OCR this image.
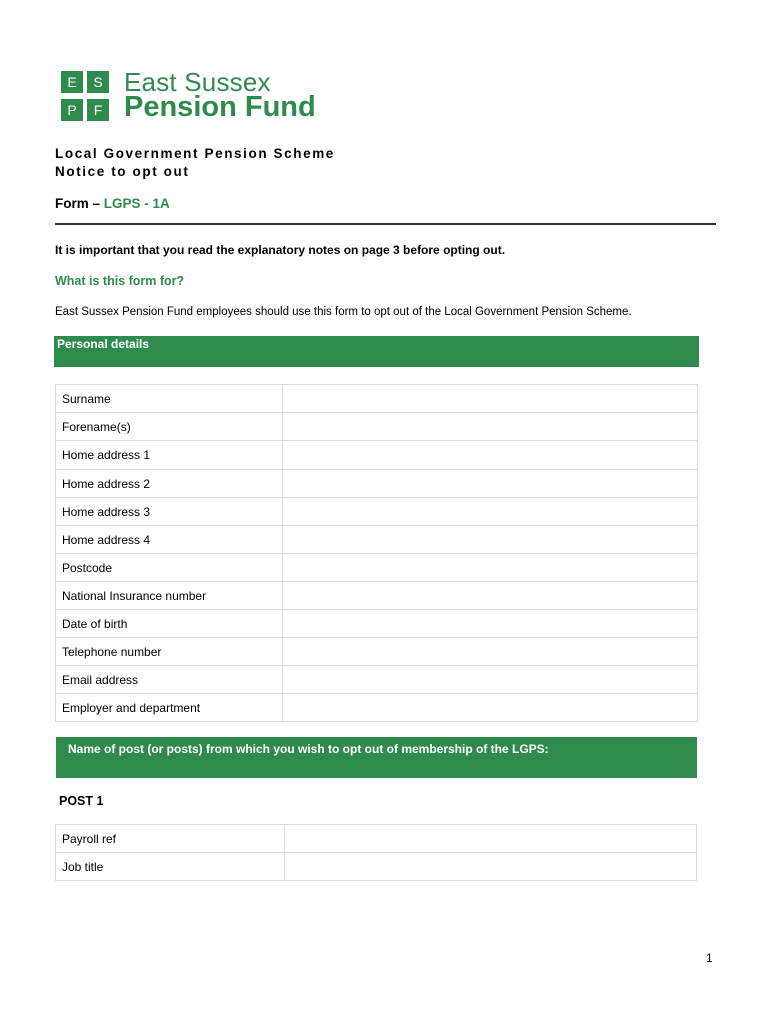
E	S
P	F
East Sussex
Pension Fund
Local Government Pension Scheme
Notice to opt out
Form – LGPS - 1A
It is important that you read the explanatory notes on page 3 before opting out.
What is this form for?
East Sussex Pension Fund employees should use this form to opt out of the Local Government Pension Scheme.
Personal details
Surname	
Forename(s)	
Home address 1	
Home address 2	
Home address 3	
Home address 4	
Postcode	
National Insurance number	
Date of birth	
Telephone number	
Email address	
Employer and department	
Name of post (or posts) from which you wish to opt out of membership of the LGPS:
POST 1
Payroll ref	
Job title	
1
